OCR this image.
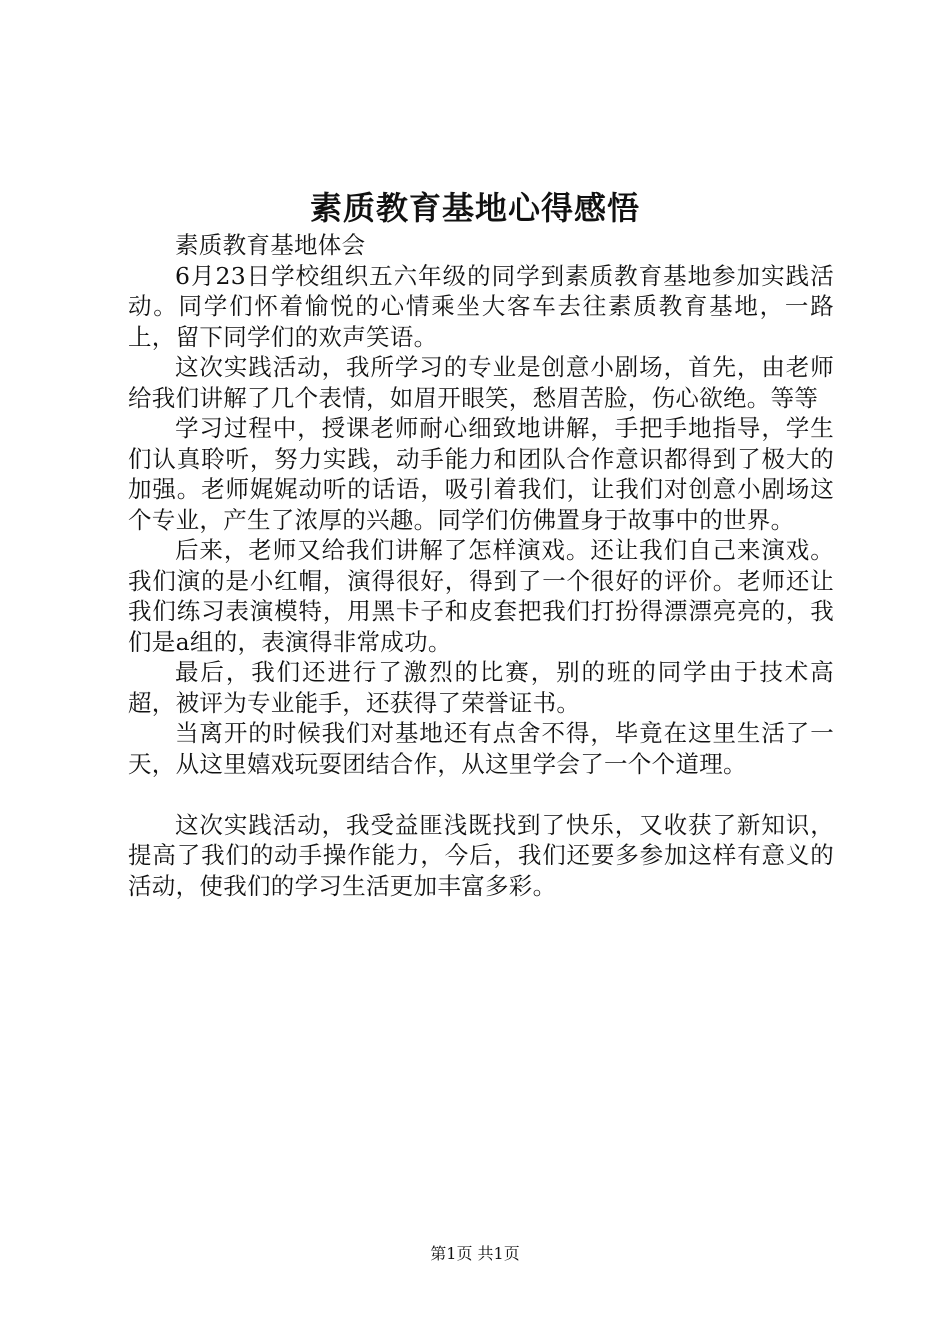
素质教育基地心得感悟

素质教育基地体会

6月23日学校组织五六年级的同学到素质教育基地参加实践活动。同学们怀着愉悦的心情乘坐大客车去往素质教育基地，一路上，留下同学们的欢声笑语。

这次实践活动，我所学习的专业是创意小剧场，首先，由老师给我们讲解了几个表情，如眉开眼笑，愁眉苦脸，伤心欲绝。等等

学习过程中，授课老师耐心细致地讲解，手把手地指导，学生们认真聆听，努力实践，动手能力和团队合作意识都得到了极大的加强。老师娓娓动听的话语，吸引着我们，让我们对创意小剧场这个专业，产生了浓厚的兴趣。同学们仿佛置身于故事中的世界。

后来，老师又给我们讲解了怎样演戏。还让我们自己来演戏。我们演的是小红帽，演得很好，得到了一个很好的评价。老师还让我们练习表演模特，用黑卡子和皮套把我们打扮得漂漂亮亮的，我们是a组的，表演得非常成功。

最后，我们还进行了激烈的比赛，别的班的同学由于技术高超，被评为专业能手，还获得了荣誉证书。

当离开的时候我们对基地还有点舍不得，毕竟在这里生活了一天，从这里嬉戏玩耍团结合作，从这里学会了一个个道理。

这次实践活动，我受益匪浅既找到了快乐，又收获了新知识，提高了我们的动手操作能力，今后，我们还要多参加这样有意义的活动，使我们的学习生活更加丰富多彩。

第1页 共1页
